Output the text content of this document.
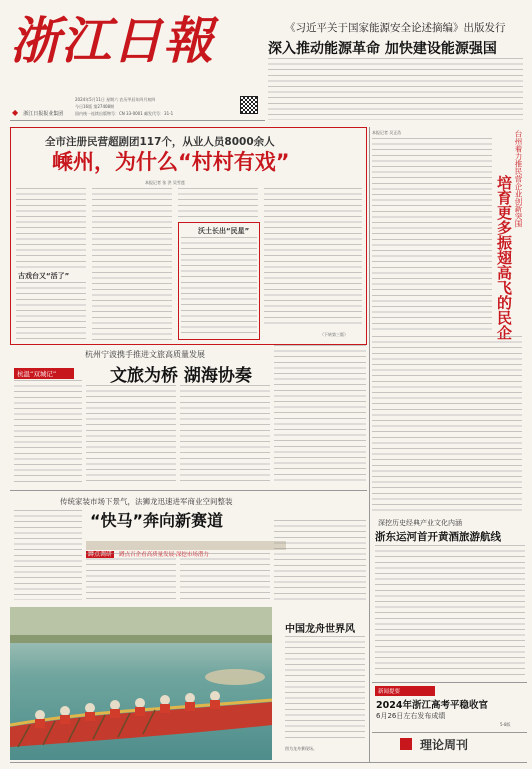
浙江日報
◆ 浙江日报报业集团
2024年5月11日 星期六 农历甲辰年四月初四
今日16版 第27408期
国内统一连续出版物号：CN 33-0001 邮发代号：31-1
《习近平关于国家能源安全论述摘编》出版发行
深入推动能源革命 加快建设能源强国
全市注册民营超剧团117个，从业人员8000余人
嵊州，为什么“村村有戏”
本报记者 张 洪 吴雪莲
古戏台又“活了”
沃土长出“民星”
（下转第三版）
台州着力推民营企业创新突围
培育更多振翅高飞的民企
本报记者 吴正浩
深挖历史经典产业文化内涵
浙东运河首开黄酒旅游航线
新闻提要
2024年浙江高考平稳收官
6月26日左右发布成绩
5-8版
理论周刊
杭州宁波携手推进文旅高质量发展
文旅为桥 湖海协奏
杭温“双城记”
传统家装市场下景气，法狮龙迅速进军商业空间整装
“快马”奔向新赛道
蹲点调研 蹲点百企看高质量发展·深挖市场潜力
中国龙舟世界风
图为龙舟赛现场。
